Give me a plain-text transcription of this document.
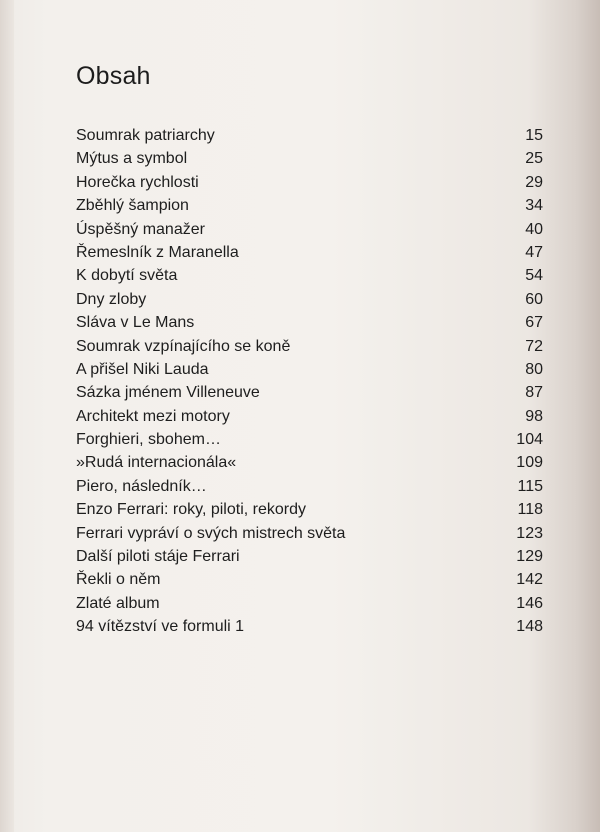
Obsah
Soumrak patriarchy	15
Mýtus a symbol	25
Horečka rychlosti	29
Zběhlý šampion	34
Úspěšný manažer	40
Řemeslník z Maranella	47
K dobytí světa	54
Dny zloby	60
Sláva v Le Mans	67
Soumrak vzpínajícího se koně	72
A přišel Niki Lauda	80
Sázka jménem Villeneuve	87
Architekt mezi motory	98
Forghieri, sbohem…	104
»Rudá internacionála«	109
Piero, následník…	115
Enzo Ferrari: roky, piloti, rekordy	118
Ferrari vypráví o svých mistrech světa	123
Další piloti stáje Ferrari	129
Řekli o něm	142
Zlaté album	146
94 vítězství ve formuli 1	148
